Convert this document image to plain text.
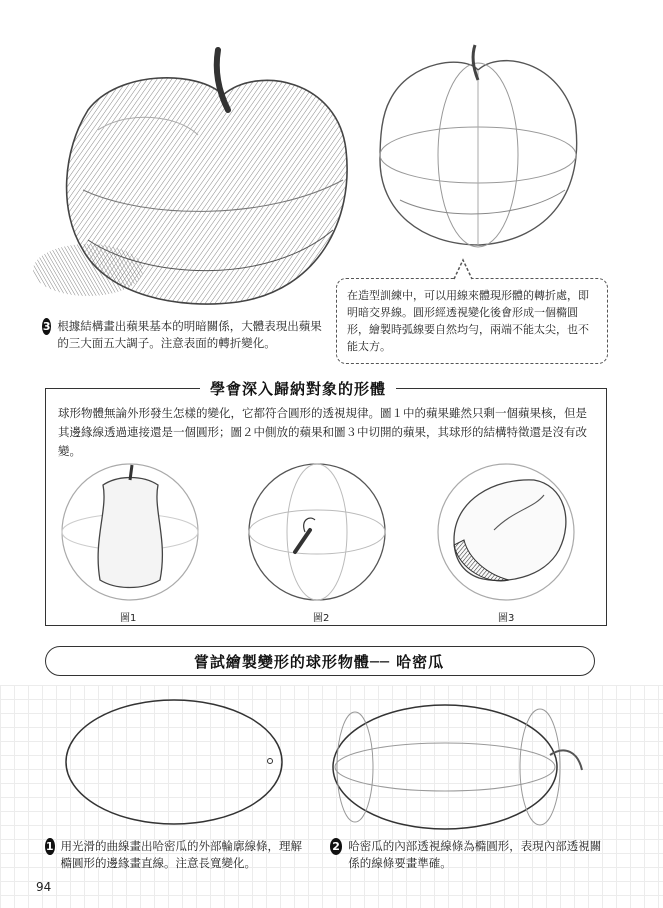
3 根據結構畫出蘋果基本的明暗關係，大體表現出蘋果的三大面五大調子。注意表面的轉折變化。
在造型訓練中，可以用線來體現形體的轉折處，即明暗交界線。圓形經透視變化後會形成一個橢圓形，繪製時弧線要自然均勻，兩端不能太尖，也不能太方。
學會深入歸納對象的形體
球形物體無論外形發生怎樣的變化，它都符合圓形的透視規律。圖１中的蘋果雖然只剩一個蘋果核，但是其邊緣線透過連接還是一個圓形；圖２中側放的蘋果和圖３中切開的蘋果，其球形的結構特徵還是沒有改變。
圖1	圖2	圖3
嘗試繪製變形的球形物體── 哈密瓜
1 用光滑的曲線畫出哈密瓜的外部輪廓線條，理解橢圓形的邊緣畫直線。注意長寬變化。
2 哈密瓜的內部透視線條為橢圓形，表現內部透視關係的線條要畫準確。
94
